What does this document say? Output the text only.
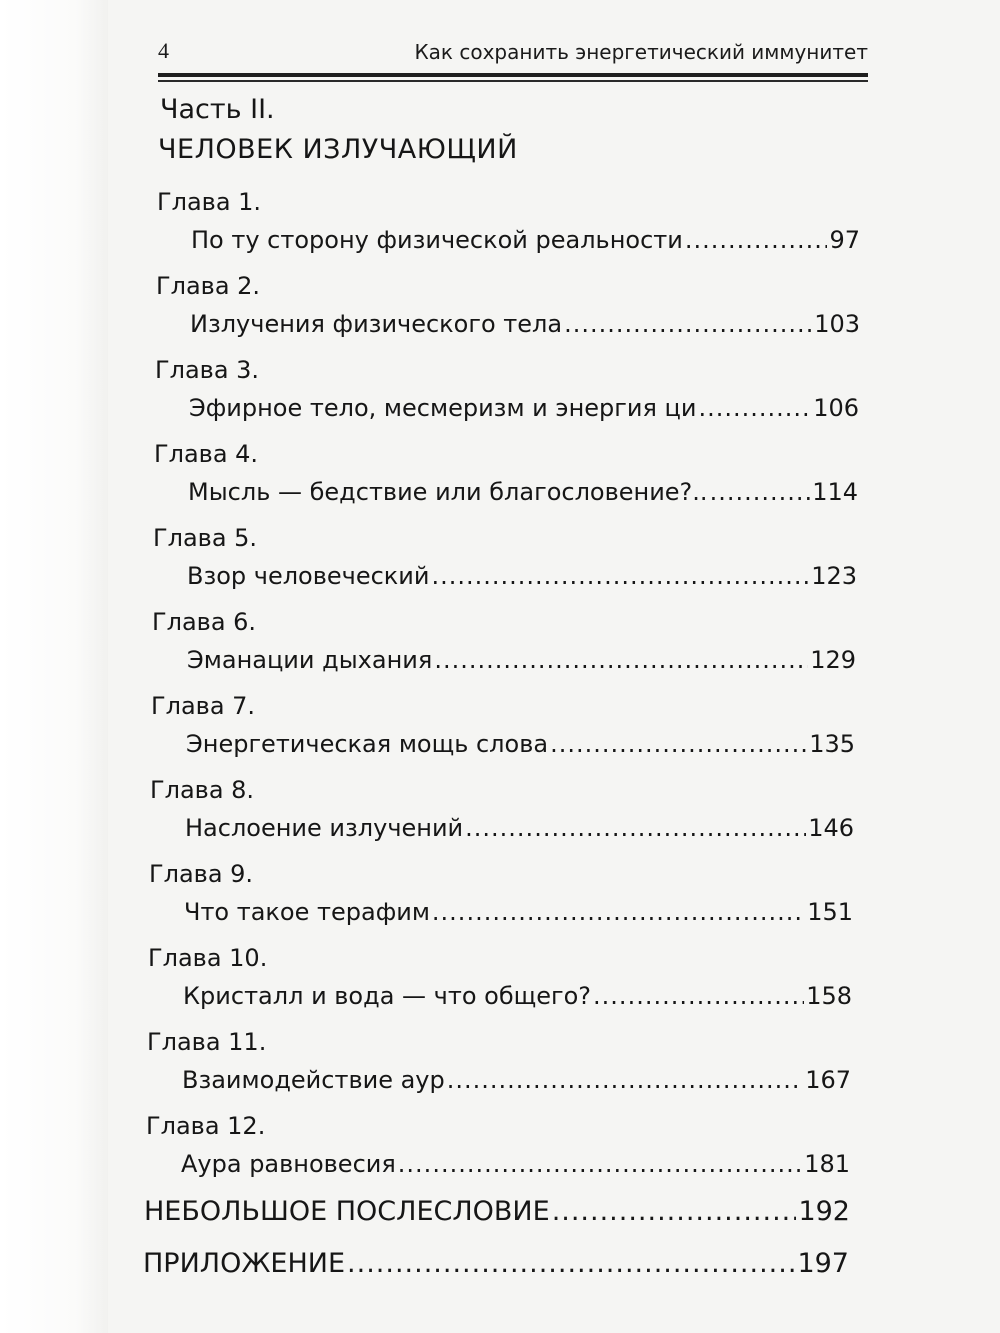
4	Как сохранить энергетический иммунитет
Часть II.
ЧЕЛОВЕК ИЗЛУЧАЮЩИЙ
Глава 1.
По ту сторону физической реальности .....	97
Глава 2.
Излучения физического тела .....	103
Глава 3.
Эфирное тело, месмеризм и энергия ци .....	106
Глава 4.
Мысль — бедствие или благословение?.. .....	114
Глава 5.
Взор человеческий .....	123
Глава 6.
Эманации дыхания .....	129
Глава 7.
Энергетическая мощь слова .....	135
Глава 8.
Наслоение излучений .....	146
Глава 9.
Что такое терафим .....	151
Глава 10.
Кристалл и вода — что общего? .....	158
Глава 11.
Взаимодействие аур .....	167
Глава 12.
Аура равновесия .....	181
НЕБОЛЬШОЕ ПОСЛЕСЛОВИЕ .....	192
ПРИЛОЖЕНИЕ .....	197
